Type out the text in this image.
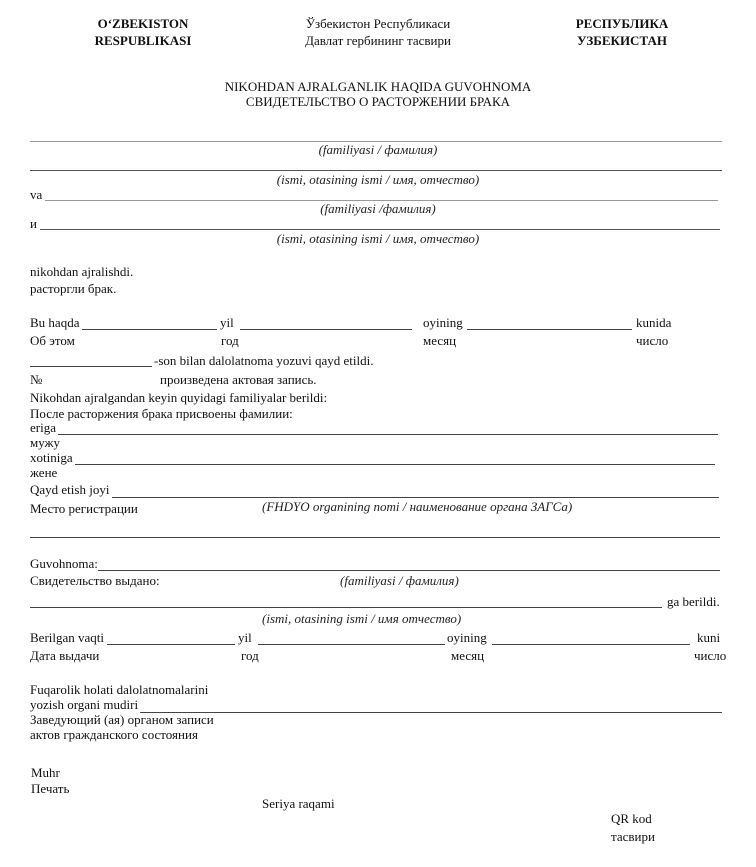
O‘ZBEKISTON
RESPUBLIKASI
Ўзбекистон Республикаси
Давлат гербининг тасвири
РЕСПУБЛИКА
УЗБЕКИСТАН
NIKOHDAN AJRALGANLIK HAQIDA GUVOHNOMA
СВИДЕТЕЛЬСТВО О РАСТОРЖЕНИИ БРАКА
(familiyasi / фамилия)
(ismi, otasining ismi / имя, отчество)
va
(familiyasi /фамилия)
и
(ismi, otasining ismi / имя, отчество)
nikohdan ajralishdi.
расторгли брак.
Bu haqda	yil	oyining	kunida
Об этом	год	месяц	число
-son bilan dalolatnoma yozuvi qayd etildi.
№	произведена актовая запись.
Nikohdan ajralgandan keyin quyidagi familiyalar berildi:
После расторжения брака присвоены фамилии:
eriga
мужу
xotiniga
жене
Qayd etish joyi
Место регистрации	(FHDYO organining nomi / наименование органа ЗАГСа)
Guvohnoma:
Свидетельство выдано:	(familiyasi / фамилия)
ga berildi.
(ismi, otasining ismi / имя отчество)
Berilgan vaqti	yil	oyining	kuni
Дата выдачи	год	месяц	число
Fuqarolik holati dalolatnomalarini
yozish organi mudiri
Заведующий (ая) органом записи
актов гражданского состояния
Muhr
Печать
Seriya raqami
QR kod
тасвири
